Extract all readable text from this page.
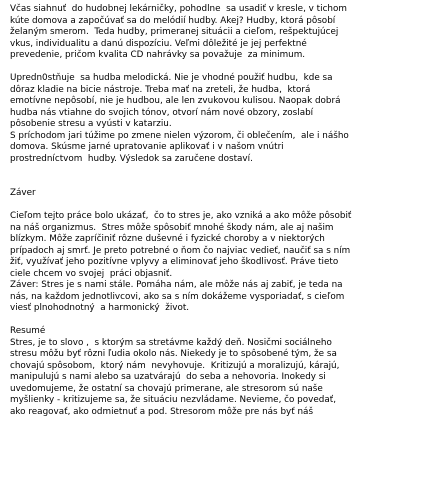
Včas siahnuť  do hudobnej lekárničky, pohodlne  sa usadiť v kresle, v tichom
kúte domova a započúvať sa do melódií hudby. Akej? Hudby, ktorá pôsobí
želaným smerom.  Teda hudby, primeranej situácii a cieľom, rešpektujúcej
vkus, individualitu a danú dispozíciu. Veľmi dôležité je jej perfektné
prevedenie, pričom kvalita CD nahrávky sa považuje  za minimum.
Upredn0stňuje  sa hudba melodická. Nie je vhodné použiť hudbu,  kde sa
dôraz kladie na bicie nástroje. Treba mať na zreteli, že hudba,  ktorá
emotívne nepôsobí, nie je hudbou, ale len zvukovou kulisou. Naopak dobrá
hudba nás vtiahne do svojich tónov, otvorí nám nové obzory, zoslabí
pôsobenie stresu a vyústi v katarziu.
S príchodom jari túžime po zmene nielen výzorom, či oblečením,  ale i nášho
domova. Skúsme jarné upratovanie aplikovať i v našom vnútri
prostredníctvom  hudby. Výsledok sa zaručene dostaví.
Záver
Cieľom tejto práce bolo ukázať,  čo to stres je, ako vzniká a ako môže pôsobiť
na náš organizmus.  Stres môže spôsobiť mnohé škody nám, ale aj našim
blízkym. Môže zapríčiniť rôzne duševné i fyzické choroby a v niektorých
prípadoch aj smrť. Je preto potrebné o ňom čo najviac vedieť, naučiť sa s ním
žiť, využívať jeho pozitívne vplyvy a eliminovať jeho škodlivosť. Práve tieto
ciele chcem vo svojej  práci objasniť.
Záver: Stres je s nami stále. Pomáha nám, ale môže nás aj zabiť, je teda na
nás, na každom jednotlivcovi, ako sa s ním dokážeme vysporiadať, s cieľom
viesť plnohodnotný  a harmonický  život.
Resumé
Stres, je to slovo ,  s ktorým sa stretávme každý deň. Nosičmi sociálneho
stresu môžu byť rôzni ľudia okolo nás. Niekedy je to spôsobené tým, že sa
chovajú spôsobom,  ktorý nám  nevyhovuje.  Kritizujú a moralizujú, kárajú,
manipulujú s nami alebo sa uzatvárajú  do seba a nehovoria. Inokedy si
uvedomujeme, že ostatní sa chovajú primerane, ale stresorom sú naše
myšlienky - kritizujeme sa, že situáciu nezvládame. Nevieme, čo povedať,
ako reagovať, ako odmietnuť a pod. Stresorom môže pre nás byť náš
